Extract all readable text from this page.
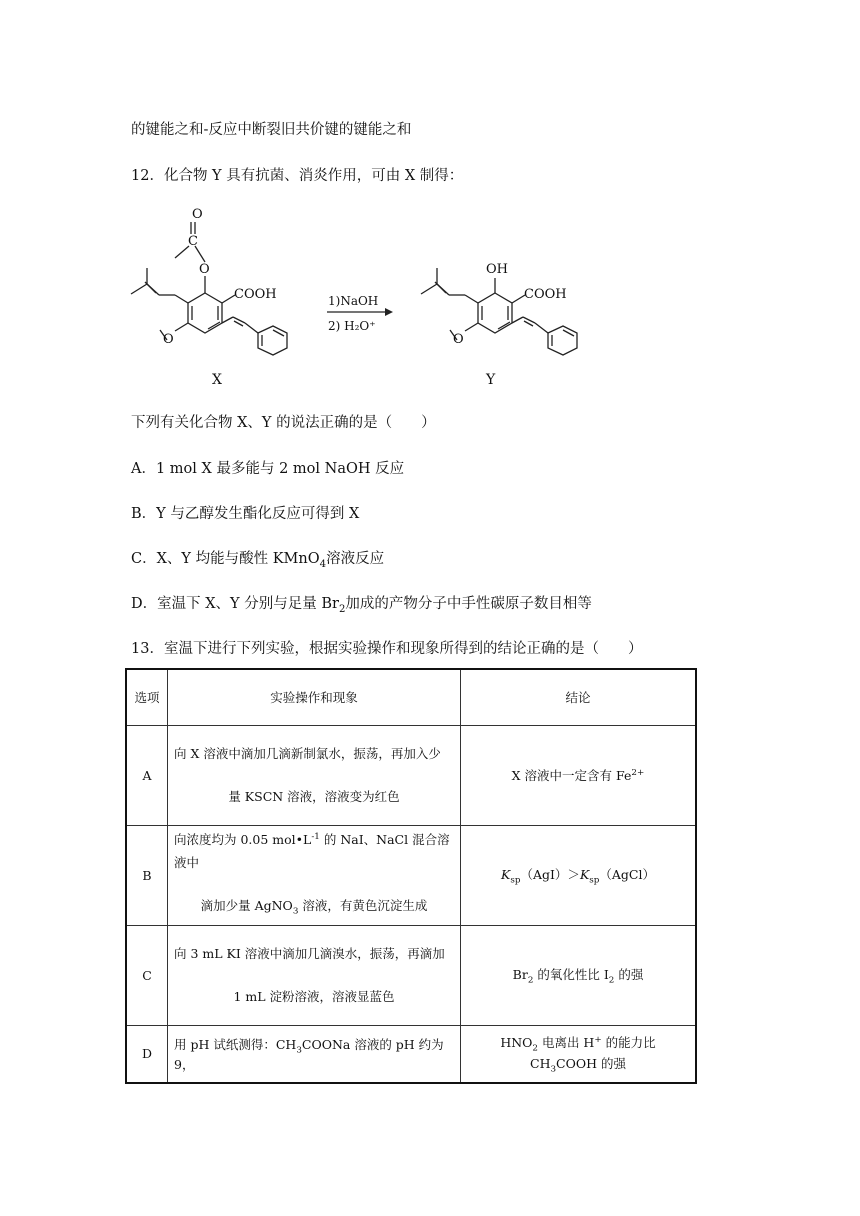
的键能之和-反应中断裂旧共价键的键能之和
12．化合物 Y 具有抗菌、消炎作用，可由 X 制得：
O
C
O
COOH
O
X
1)NaOH
2) H₂O⁺
OH
COOH
O
Y
下列有关化合物 X、Y 的说法正确的是（　　）
A．1 mol X 最多能与 2 mol NaOH 反应
B．Y 与乙醇发生酯化反应可得到 X
C．X、Y 均能与酸性 KMnO$_4$溶液反应
D．室温下 X、Y 分别与足量 $Br_2$加成的产物分子中手性碳原子数目相等
13．室温下进行下列实验，根据实验操作和现象所得到的结论正确的是（　　）
选项	实验操作和现象	结论
A	向 X 溶液中滴加几滴新制氯水，振荡，再加入少
量 KSCN 溶液，溶液变为红色	X 溶液中一定含有 $Fe^{2+}$
B	向浓度均为 0.05 $mol•L^{-1}$ 的 NaI、NaCl 混合溶液中
滴加少量 AgNO$_3$ 溶液，有黄色沉淀生成	$K_{sp}(AgI)>K_{sp}(AgCl)$
C	向 3 mL KI 溶液中滴加几滴溴水，振荡，再滴加
1 mL 淀粉溶液，溶液显蓝色	$Br_2$ 的氧化性比 $I_2$ 的强
D	用 pH 试纸测得：$CH_3COONa$ 溶液的 pH 约为 9，	$HNO_2$ 电离出 H+ 的能力比 $CH_3COOH$ 的强
